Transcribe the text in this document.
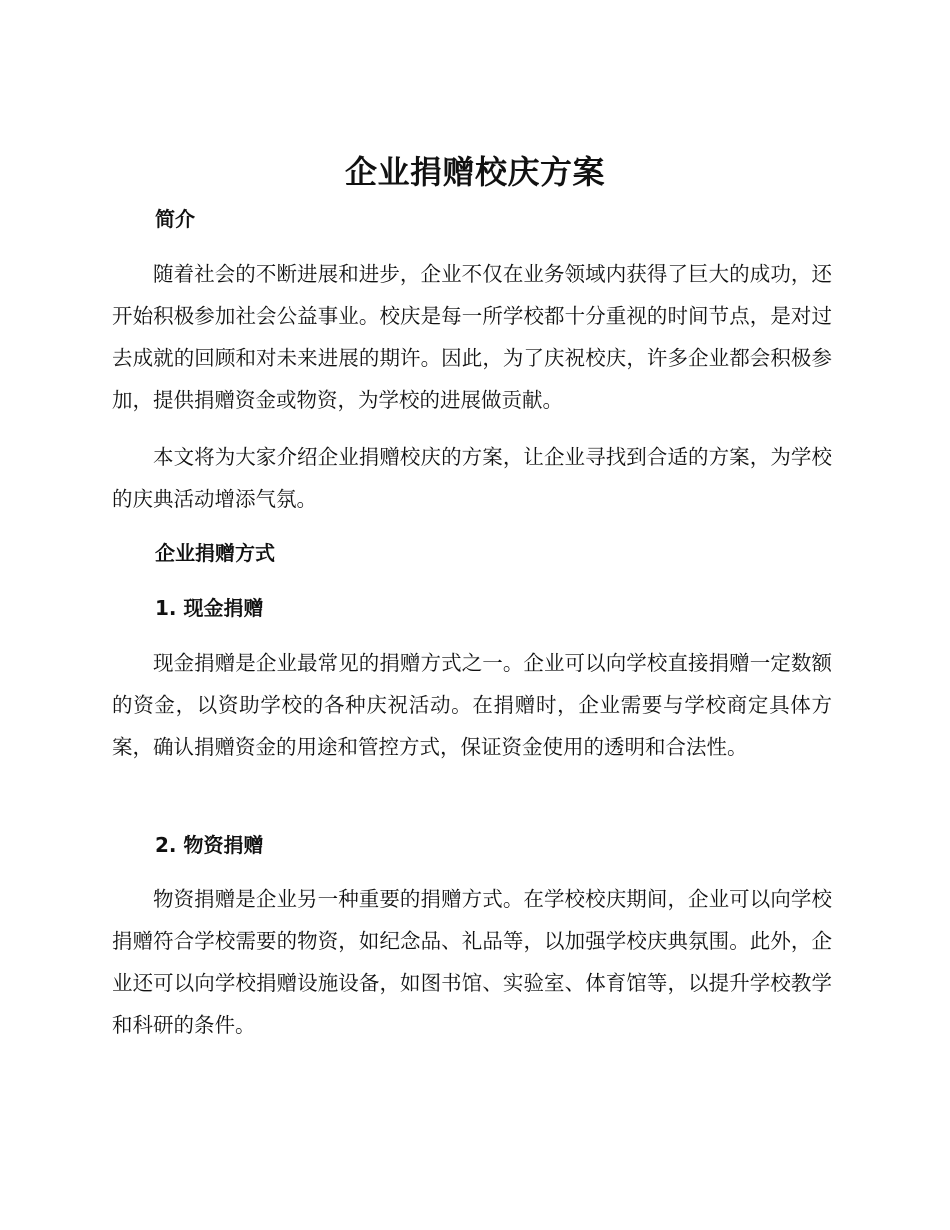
企业捐赠校庆方案
简介

随着社会的不断进展和进步，企业不仅在业务领域内获得了巨大的成功，还开始积极参加社会公益事业。校庆是每一所学校都十分重视的时间节点，是对过去成就的回顾和对未来进展的期许。因此，为了庆祝校庆，许多企业都会积极参加，提供捐赠资金或物资，为学校的进展做贡献。

本文将为大家介绍企业捐赠校庆的方案，让企业寻找到合适的方案，为学校的庆典活动增添气氛。

企业捐赠方式
1. 现金捐赠

现金捐赠是企业最常见的捐赠方式之一。企业可以向学校直接捐赠一定数额的资金，以资助学校的各种庆祝活动。在捐赠时，企业需要与学校商定具体方案，确认捐赠资金的用途和管控方式，保证资金使用的透明和合法性。

2. 物资捐赠

物资捐赠是企业另一种重要的捐赠方式。在学校校庆期间，企业可以向学校捐赠符合学校需要的物资，如纪念品、礼品等，以加强学校庆典氛围。此外，企业还可以向学校捐赠设施设备，如图书馆、实验室、体育馆等，以提升学校教学和科研的条件。
